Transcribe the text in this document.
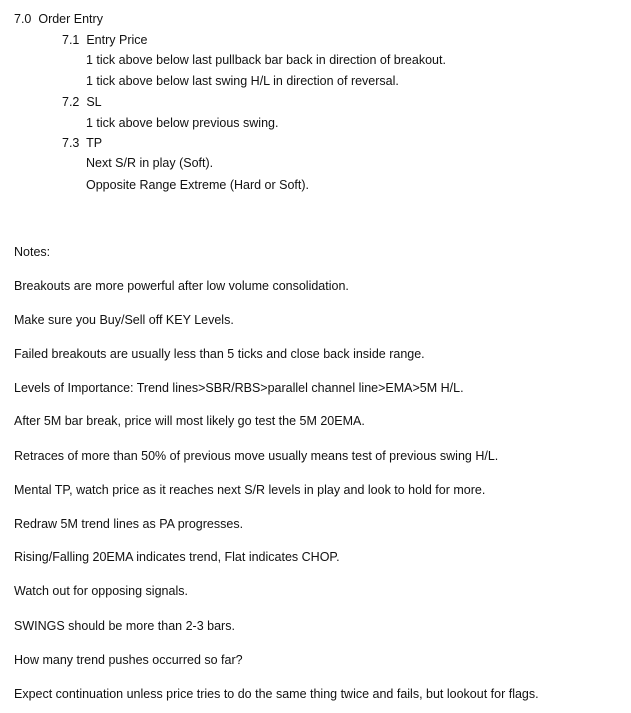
7.0 Order Entry
7.1 Entry Price
1 tick above below last pullback bar back in direction of breakout.
1 tick above below last swing H/L in direction of reversal.
7.2 SL
1 tick above below previous swing.
7.3 TP
Next S/R in play (Soft).
Opposite Range Extreme (Hard or Soft).
Notes:
Breakouts are more powerful after low volume consolidation.
Make sure you Buy/Sell off KEY Levels.
Failed breakouts are usually less than 5 ticks and close back inside range.
Levels of Importance: Trend lines>SBR/RBS>parallel channel line>EMA>5M H/L.
After 5M bar break, price will most likely go test the 5M 20EMA.
Retraces of more than 50% of previous move usually means test of previous swing H/L.
Mental TP, watch price as it reaches next S/R levels in play and look to hold for more.
Redraw 5M trend lines as PA progresses.
Rising/Falling 20EMA indicates trend, Flat indicates CHOP.
Watch out for opposing signals.
SWINGS should be more than 2-3 bars.
How many trend pushes occurred so far?
Expect continuation unless price tries to do the same thing twice and fails, but lookout for flags.
